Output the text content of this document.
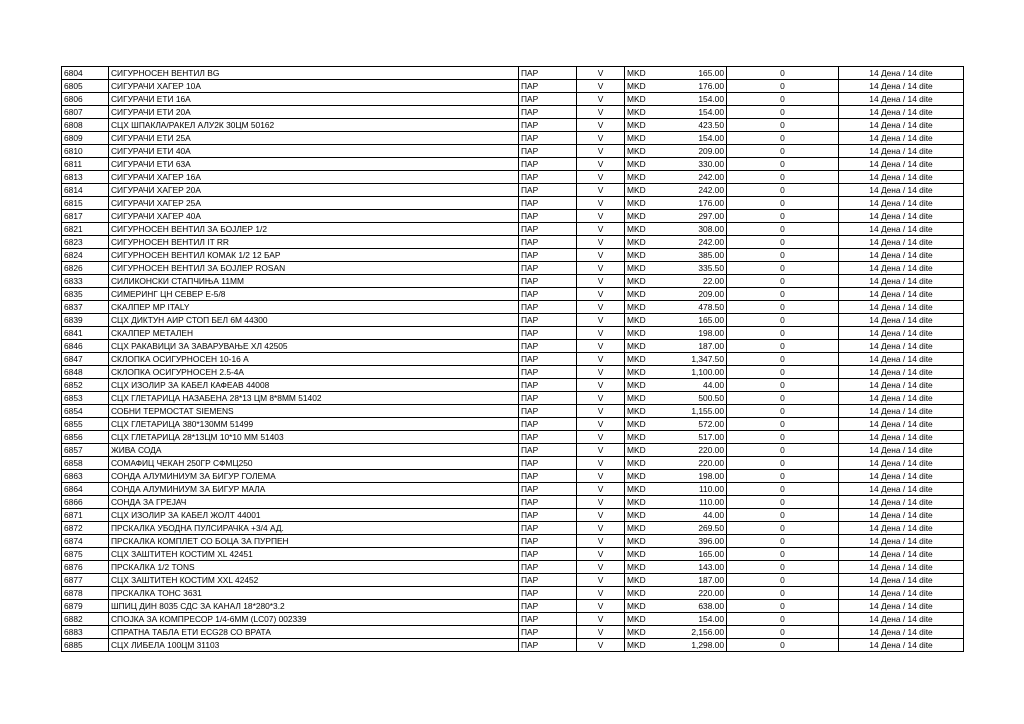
6804	СИГУРНОСЕН ВЕНТИЛ BG	ПАР	V	MKD	165.00	0	14 Дена / 14 dite
6805	СИГУРАЧИ ХАГЕР 10А	ПАР	V	MKD	176.00	0	14 Дена / 14 dite
6806	СИГУРАЧИ ЕТИ 16А	ПАР	V	MKD	154.00	0	14 Дена / 14 dite
6807	СИГУРАЧИ ЕТИ 20А	ПАР	V	MKD	154.00	0	14 Дена / 14 dite
6808	СЦХ ШПАКЛА/РАКЕЛ АЛУ2К 30ЦМ 50162	ПАР	V	MKD	423.50	0	14 Дена / 14 dite
6809	СИГУРАЧИ ЕТИ 25А	ПАР	V	MKD	154.00	0	14 Дена / 14 dite
6810	СИГУРАЧИ ЕТИ 40А	ПАР	V	MKD	209.00	0	14 Дена / 14 dite
6811	СИГУРАЧИ ЕТИ 63А	ПАР	V	MKD	330.00	0	14 Дена / 14 dite
6813	СИГУРАЧИ ХАГЕР 16А	ПАР	V	MKD	242.00	0	14 Дена / 14 dite
6814	СИГУРАЧИ ХАГЕР 20А	ПАР	V	MKD	242.00	0	14 Дена / 14 dite
6815	СИГУРАЧИ ХАГЕР 25А	ПАР	V	MKD	176.00	0	14 Дена / 14 dite
6817	СИГУРАЧИ ХАГЕР 40А	ПАР	V	MKD	297.00	0	14 Дена / 14 dite
6821	СИГУРНОСЕН ВЕНТИЛ ЗА БОЈЛЕР 1/2	ПАР	V	MKD	308.00	0	14 Дена / 14 dite
6823	СИГУРНОСЕН ВЕНТИЛ IT RR	ПАР	V	MKD	242.00	0	14 Дена / 14 dite
6824	СИГУРНОСЕН ВЕНТИЛ КОМАК 1/2 12 БАР	ПАР	V	MKD	385.00	0	14 Дена / 14 dite
6826	СИГУРНОСЕН ВЕНТИЛ ЗА БОЈЛЕР ROSAN	ПАР	V	MKD	335.50	0	14 Дена / 14 dite
6833	СИЛИКОНСКИ СТАПЧИЊА 11ММ	ПАР	V	MKD	22.00	0	14 Дена / 14 dite
6835	СИМЕРИНГ ЦН СЕВЕР Е-5/8	ПАР	V	MKD	209.00	0	14 Дена / 14 dite
6837	СКАЛПЕР MP ITALY	ПАР	V	MKD	478.50	0	14 Дена / 14 dite
6839	СЦХ ДИКТУН АИР СТОП БЕЛ 6М 44300	ПАР	V	MKD	165.00	0	14 Дена / 14 dite
6841	СКАЛПЕР МЕТАЛЕН	ПАР	V	MKD	198.00	0	14 Дена / 14 dite
6846	СЦХ РАКАВИЦИ ЗА ЗАВАРУВАЊЕ ХЛ 42505	ПАР	V	MKD	187.00	0	14 Дена / 14 dite
6847	СКЛОПКА ОСИГУРНОСЕН 10-16 А	ПАР	V	MKD	1,347.50	0	14 Дена / 14 dite
6848	СКЛОПКА ОСИГУРНОСЕН 2.5-4А	ПАР	V	MKD	1,100.00	0	14 Дена / 14 dite
6852	СЦХ ИЗОЛИР ЗА КАБЕЛ КАФЕАВ 44008	ПАР	V	MKD	44.00	0	14 Дена / 14 dite
6853	СЦХ ГЛЕТАРИЦА НАЗАБЕНА 28*13 ЦМ 8*8ММ 51402	ПАР	V	MKD	500.50	0	14 Дена / 14 dite
6854	СОБНИ ТЕРМОСТАТ SIEMENS	ПАР	V	MKD	1,155.00	0	14 Дена / 14 dite
6855	СЦХ ГЛЕТАРИЦА 380*130ММ 51499	ПАР	V	MKD	572.00	0	14 Дена / 14 dite
6856	СЦХ ГЛЕТАРИЦА 28*13ЦМ 10*10 ММ 51403	ПАР	V	MKD	517.00	0	14 Дена / 14 dite
6857	ЖИВА СОДА	ПАР	V	MKD	220.00	0	14 Дена / 14 dite
6858	СОМАФИЦ ЧЕКАН 250ГР СФМЦ250	ПАР	V	MKD	220.00	0	14 Дена / 14 dite
6863	СОНДА АЛУМИНИУМ ЗА БИГУР ГОЛЕМА	ПАР	V	MKD	198.00	0	14 Дена / 14 dite
6864	СОНДА АЛУМИНИУМ ЗА БИГУР МАЛА	ПАР	V	MKD	110.00	0	14 Дена / 14 dite
6866	СОНДА ЗА ГРЕЈАЧ	ПАР	V	MKD	110.00	0	14 Дена / 14 dite
6871	СЦХ ИЗОЛИР ЗА КАБЕЛ ЖОЛТ 44001	ПАР	V	MKD	44.00	0	14 Дена / 14 dite
6872	ПРСКАЛКА УБОДНА ПУЛСИРАЧКА +3/4 АД.	ПАР	V	MKD	269.50	0	14 Дена / 14 dite
6874	ПРСКАЛКА КОМПЛЕТ СО БОЦА ЗА ПУРПЕН	ПАР	V	MKD	396.00	0	14 Дена / 14 dite
6875	СЦХ ЗАШТИТЕН КОСТИМ XL 42451	ПАР	V	MKD	165.00	0	14 Дена / 14 dite
6876	ПРСКАЛКА 1/2 TONS	ПАР	V	MKD	143.00	0	14 Дена / 14 dite
6877	СЦХ ЗАШТИТЕН КОСТИМ XXL 42452	ПАР	V	MKD	187.00	0	14 Дена / 14 dite
6878	ПРСКАЛКА ТОНС 3631	ПАР	V	MKD	220.00	0	14 Дена / 14 dite
6879	ШПИЦ ДИН 8035 СДС ЗА КАНАЛ 18*280*3.2	ПАР	V	MKD	638.00	0	14 Дена / 14 dite
6882	СПОЈКА ЗА КОМПРЕСОР 1/4-6ММ (LC07) 002339	ПАР	V	MKD	154.00	0	14 Дена / 14 dite
6883	СПРАТНА ТАБЛА ЕТИ ECG28 СО ВРАТА	ПАР	V	MKD	2,156.00	0	14 Дена / 14 dite
6885	СЦХ ЛИБЕЛА 100ЦМ 31103	ПАР	V	MKD	1,298.00	0	14 Дена / 14 dite
